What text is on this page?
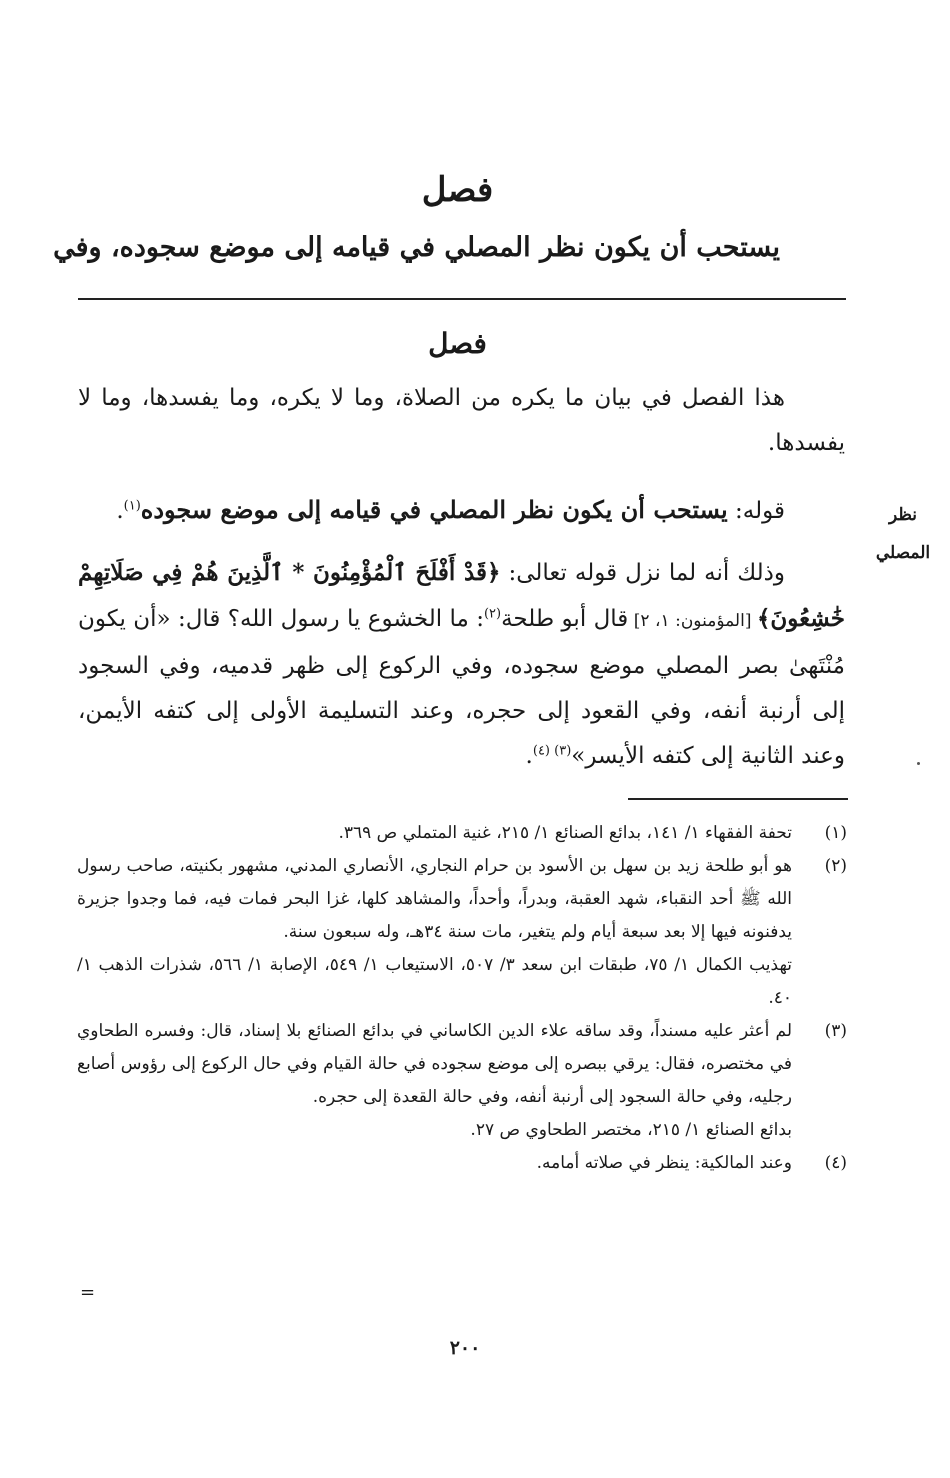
فصل
يستحب أن يكون نظر المصلي في قيامه إلى موضع سجوده، وفي
فصل

هذا الفصل في بيان ما يكره من الصلاة، وما لا يكره، وما يفسدها، وما لا يفسدها.

قوله: يستحب أن يكون نظر المصلي في قيامه إلى موضع سجوده$^{(١)}$.

وذلك أنه لما نزل قوله تعالى: ﴿قَدْ أَفْلَحَ ٱلْمُؤْمِنُونَ * ٱلَّذِينَ هُمْ فِي صَلَاتِهِمْ خَٰشِعُونَ﴾ [المؤمنون: ١، ٢] قال أبو طلحة$^{(٢)}$: ما الخشوع يا رسول الله؟ قال: «أن يكون مُنْتَهىٰ بصر المصلي موضع سجوده، وفي الركوع إلى ظهر قدميه، وفي السجود إلى أرنبة أنفه، وفي القعود إلى حجره، وعند التسليمة الأولى إلى كتفه الأيمن، وعند الثانية إلى كتفه الأيسر»$^{(٣) (٤)}$.

نظر
المصلي
(١)
تحفة الفقهاء ١/ ١٤١، بدائع الصنائع ١/ ٢١٥، غنية المتملي ص ٣٦٩.
(٢)
هو أبو طلحة زيد بن سهل بن الأسود بن حرام النجاري، الأنصاري المدني، مشهور بكنيته، صاحب رسول الله ﷺ أحد النقباء، شهد العقبة، وبدراً، وأحداً، والمشاهد كلها، غزا البحر فمات فيه، فما وجدوا جزيرة يدفنونه فيها إلا بعد سبعة أيام ولم يتغير، مات سنة ٣٤هـ، وله سبعون سنة.
تهذيب الكمال ١/ ٧٥، طبقات ابن سعد ٣/ ٥٠٧، الاستيعاب ١/ ٥٤٩، الإصابة ١/ ٥٦٦، شذرات الذهب ١/ ٤٠.
(٣)
لم أعثر عليه مسنداً، وقد ساقه علاء الدين الكاساني في بدائع الصنائع بلا إسناد، قال: وفسره الطحاوي في مختصره، فقال: يرقي ببصره إلى موضع سجوده في حالة القيام وفي حال الركوع إلى رؤوس أصابع رجليه، وفي حالة السجود إلى أرنبة أنفه، وفي حالة القعدة إلى حجره.
بدائع الصنائع ١/ ٢١٥، مختصر الطحاوي ص ٢٧.
(٤)
وعند المالكية: ينظر في صلاته أمامه.
=
٢٠٠
